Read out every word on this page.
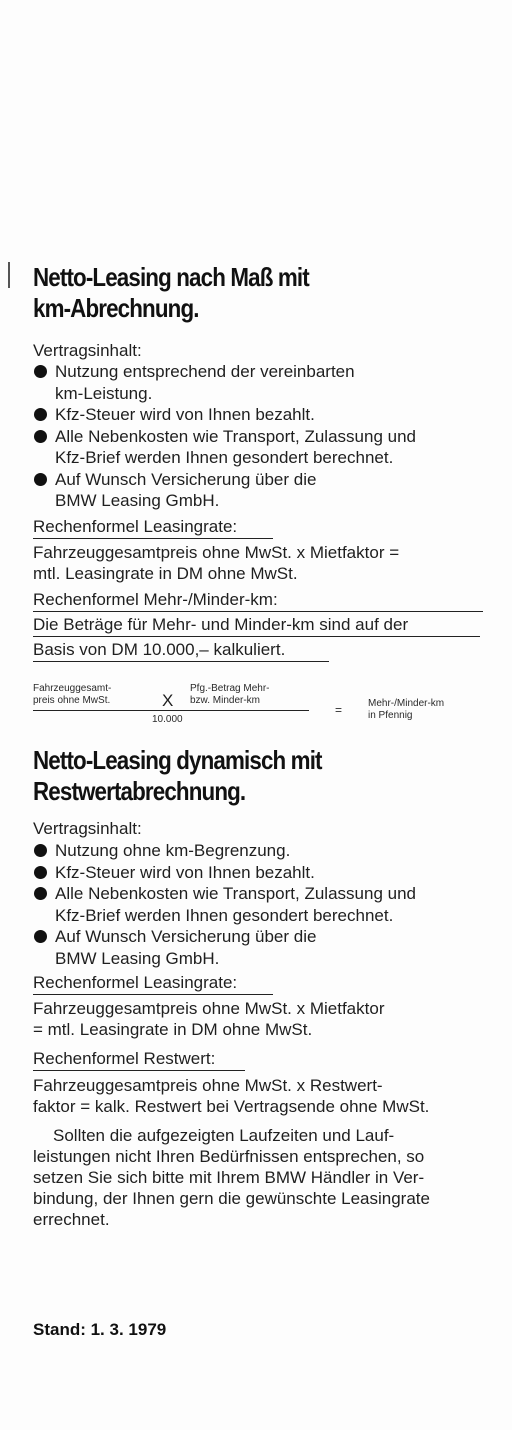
Netto-Leasing nach Maß mit
km-Abrechnung.
Vertragsinhalt:
Nutzung entsprechend der vereinbarten
km-Leistung.
Kfz-Steuer wird von Ihnen bezahlt.
Alle Nebenkosten wie Transport, Zulassung und
Kfz-Brief werden Ihnen gesondert berechnet.
Auf Wunsch Versicherung über die
BMW Leasing GmbH.
Rechenformel Leasingrate:
Fahrzeuggesamtpreis ohne MwSt. x Mietfaktor =
mtl. Leasingrate in DM ohne MwSt.
Rechenformel Mehr-/Minder-km:
Die Beträge für Mehr- und Minder-km sind auf der
Basis von DM 10.000,– kalkuliert.
Fahrzeuggesamt-
preis ohne MwSt.	X
Pfg.-Betrag Mehr-
bzw. Minder-km
10.000
=	Mehr-/Minder-km
in Pfennig
Netto-Leasing dynamisch mit
Restwertabrechnung.
Vertragsinhalt:
Nutzung ohne km-Begrenzung.
Kfz-Steuer wird von Ihnen bezahlt.
Alle Nebenkosten wie Transport, Zulassung und
Kfz-Brief werden Ihnen gesondert berechnet.
Auf Wunsch Versicherung über die
BMW Leasing GmbH.
Rechenformel Leasingrate:
Fahrzeuggesamtpreis ohne MwSt. x Mietfaktor
= mtl. Leasingrate in DM ohne MwSt.
Rechenformel Restwert:
Fahrzeuggesamtpreis ohne MwSt. x Restwert-
faktor = kalk. Restwert bei Vertragsende ohne MwSt.
Sollten die aufgezeigten Laufzeiten und Lauf-
leistungen nicht Ihren Bedürfnissen entsprechen, so
setzen Sie sich bitte mit Ihrem BMW Händler in Ver-
bindung, der Ihnen gern die gewünschte Leasingrate
errechnet.
Stand: 1. 3. 1979
